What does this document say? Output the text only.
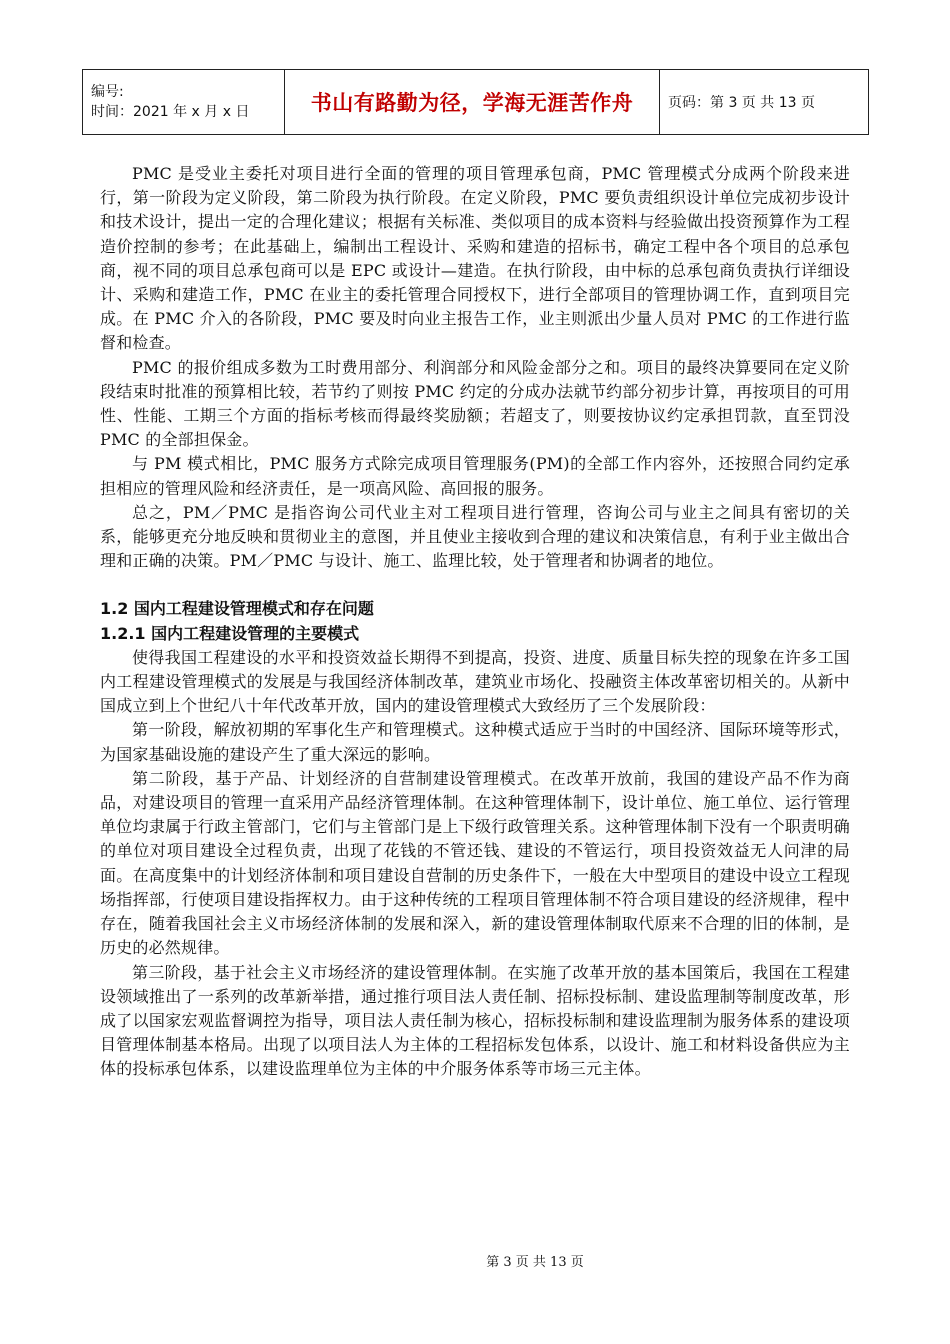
编号:
时间：2021 年 x 月 x 日	书山有路勤为径，学海无涯苦作舟	页码：第 3 页 共 13 页

PMC 是受业主委托对项目进行全面的管理的项目管理承包商，PMC 管理模式分成两个阶段来进行，第一阶段为定义阶段，第二阶段为执行阶段。在定义阶段，PMC 要负责组织设计单位完成初步设计和技术设计，提出一定的合理化建议；根据有关标准、类似项目的成本资料与经验做出投资预算作为工程造价控制的参考；在此基础上，编制出工程设计、采购和建造的招标书，确定工程中各个项目的总承包商，视不同的项目总承包商可以是 EPC 或设计—建造。在执行阶段，由中标的总承包商负责执行详细设计、采购和建造工作，PMC 在业主的委托管理合同授权下，进行全部项目的管理协调工作，直到项目完成。在 PMC 介入的各阶段，PMC 要及时向业主报告工作，业主则派出少量人员对 PMC 的工作进行监督和检查。

PMC 的报价组成多数为工时费用部分、利润部分和风险金部分之和。项目的最终决算要同在定义阶段结束时批准的预算相比较，若节约了则按 PMC 约定的分成办法就节约部分初步计算，再按项目的可用性、性能、工期三个方面的指标考核而得最终奖励额；若超支了，则要按协议约定承担罚款，直至罚没 PMC 的全部担保金。

与 PM 模式相比，PMC 服务方式除完成项目管理服务(PM)的全部工作内容外，还按照合同约定承担相应的管理风险和经济责任，是一项高风险、高回报的服务。

总之，PM／PMC 是指咨询公司代业主对工程项目进行管理，咨询公司与业主之间具有密切的关系，能够更充分地反映和贯彻业主的意图，并且使业主接收到合理的建议和决策信息，有利于业主做出合理和正确的决策。PM／PMC 与设计、施工、监理比较，处于管理者和协调者的地位。

1.2 国内工程建设管理模式和存在问题
1.2.1 国内工程建设管理的主要模式

使得我国工程建设的水平和投资效益长期得不到提高，投资、进度、质量目标失控的现象在许多工国内工程建设管理模式的发展是与我国经济体制改革，建筑业市场化、投融资主体改革密切相关的。从新中国成立到上个世纪八十年代改革开放，国内的建设管理模式大致经历了三个发展阶段：

第一阶段，解放初期的军事化生产和管理模式。这种模式适应于当时的中国经济、国际环境等形式，为国家基础设施的建设产生了重大深远的影响。

第二阶段，基于产品、计划经济的自营制建设管理模式。在改革开放前，我国的建设产品不作为商品，对建设项目的管理一直采用产品经济管理体制。在这种管理体制下，设计单位、施工单位、运行管理单位均隶属于行政主管部门，它们与主管部门是上下级行政管理关系。这种管理体制下没有一个职责明确的单位对项目建设全过程负责，出现了花钱的不管还钱、建设的不管运行，项目投资效益无人问津的局面。在高度集中的计划经济体制和项目建设自营制的历史条件下，一般在大中型项目的建设中设立工程现场指挥部，行使项目建设指挥权力。由于这种传统的工程项目管理体制不符合项目建设的经济规律，程中存在，随着我国社会主义市场经济体制的发展和深入，新的建设管理体制取代原来不合理的旧的体制，是历史的必然规律。

第三阶段，基于社会主义市场经济的建设管理体制。在实施了改革开放的基本国策后，我国在工程建设领域推出了一系列的改革新举措，通过推行项目法人责任制、招标投标制、建设监理制等制度改革，形成了以国家宏观监督调控为指导，项目法人责任制为核心，招标投标制和建设监理制为服务体系的建设项目管理体制基本格局。出现了以项目法人为主体的工程招标发包体系，以设计、施工和材料设备供应为主体的投标承包体系，以建设监理单位为主体的中介服务体系等市场三元主体。

第 3 页 共 13 页
